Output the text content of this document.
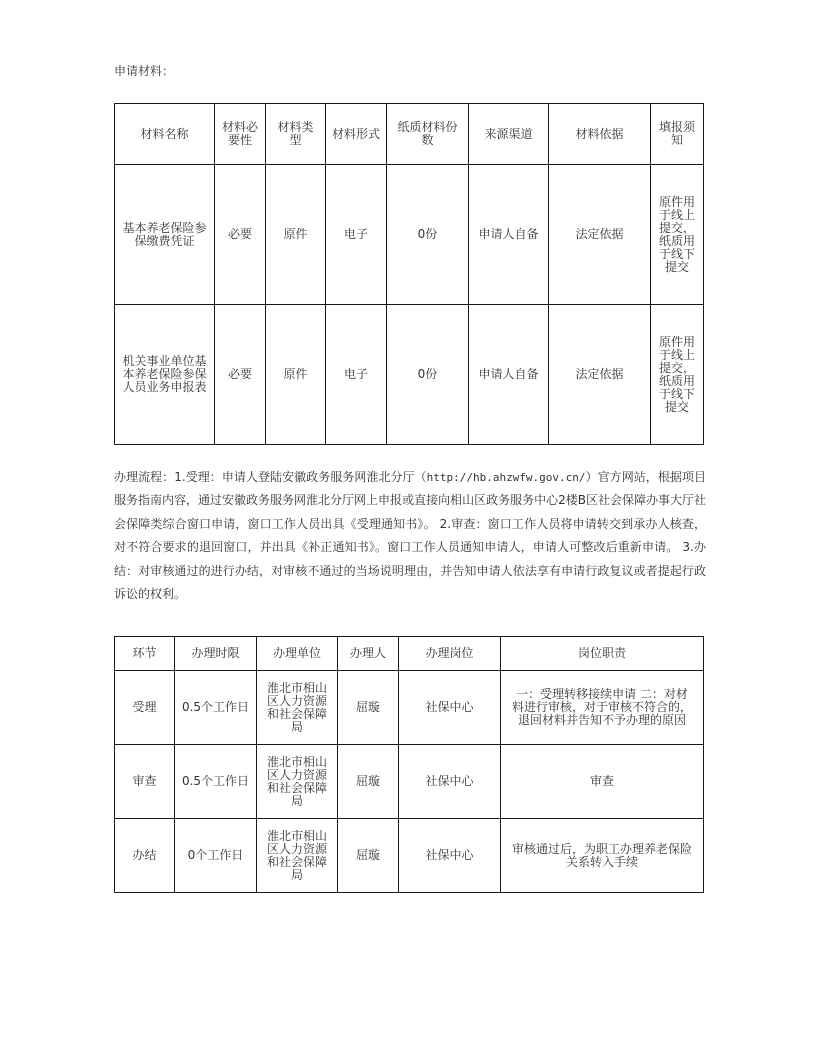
申请材料：
材料名称	材料必要性	材料类型	材料形式	纸质材料份数	来源渠道	材料依据	填报须知
基本养老保险参保缴费凭证	必要	原件	电子	0份	申请人自备	法定依据	原件用于线上提交，纸质用于线下提交
机关事业单位基本养老保险参保人员业务申报表	必要	原件	电子	0份	申请人自备	法定依据	原件用于线上提交，纸质用于线下提交
办理流程：1.受理：申请人登陆安徽政务服务网淮北分厅（http://hb.ahzwfw.gov.cn/）官方网站，根据项目服务指南内容，通过安徽政务服务网淮北分厅网上申报或直接向相山区政务服务中心2楼B区社会保障办事大厅社会保障类综合窗口申请，窗口工作人员出具《受理通知书》。 2.审查：窗口工作人员将申请转交到承办人核查，对不符合要求的退回窗口，并出具《补正通知书》。窗口工作人员通知申请人，申请人可整改后重新申请。 3.办结：对审核通过的进行办结，对审核不通过的当场说明理由，并告知申请人依法享有申请行政复议或者提起行政诉讼的权利。
环节	办理时限	办理单位	办理人	办理岗位	岗位职责
受理	0.5个工作日	淮北市相山区人力资源和社会保障局	屈璇	社保中心	一：受理转移接续申请 二：对材料进行审核，对于审核不符合的，退回材料并告知不予办理的原因
审查	0.5个工作日	淮北市相山区人力资源和社会保障局	屈璇	社保中心	审查
办结	0个工作日	淮北市相山区人力资源和社会保障局	屈璇	社保中心	审核通过后，为职工办理养老保险关系转入手续
